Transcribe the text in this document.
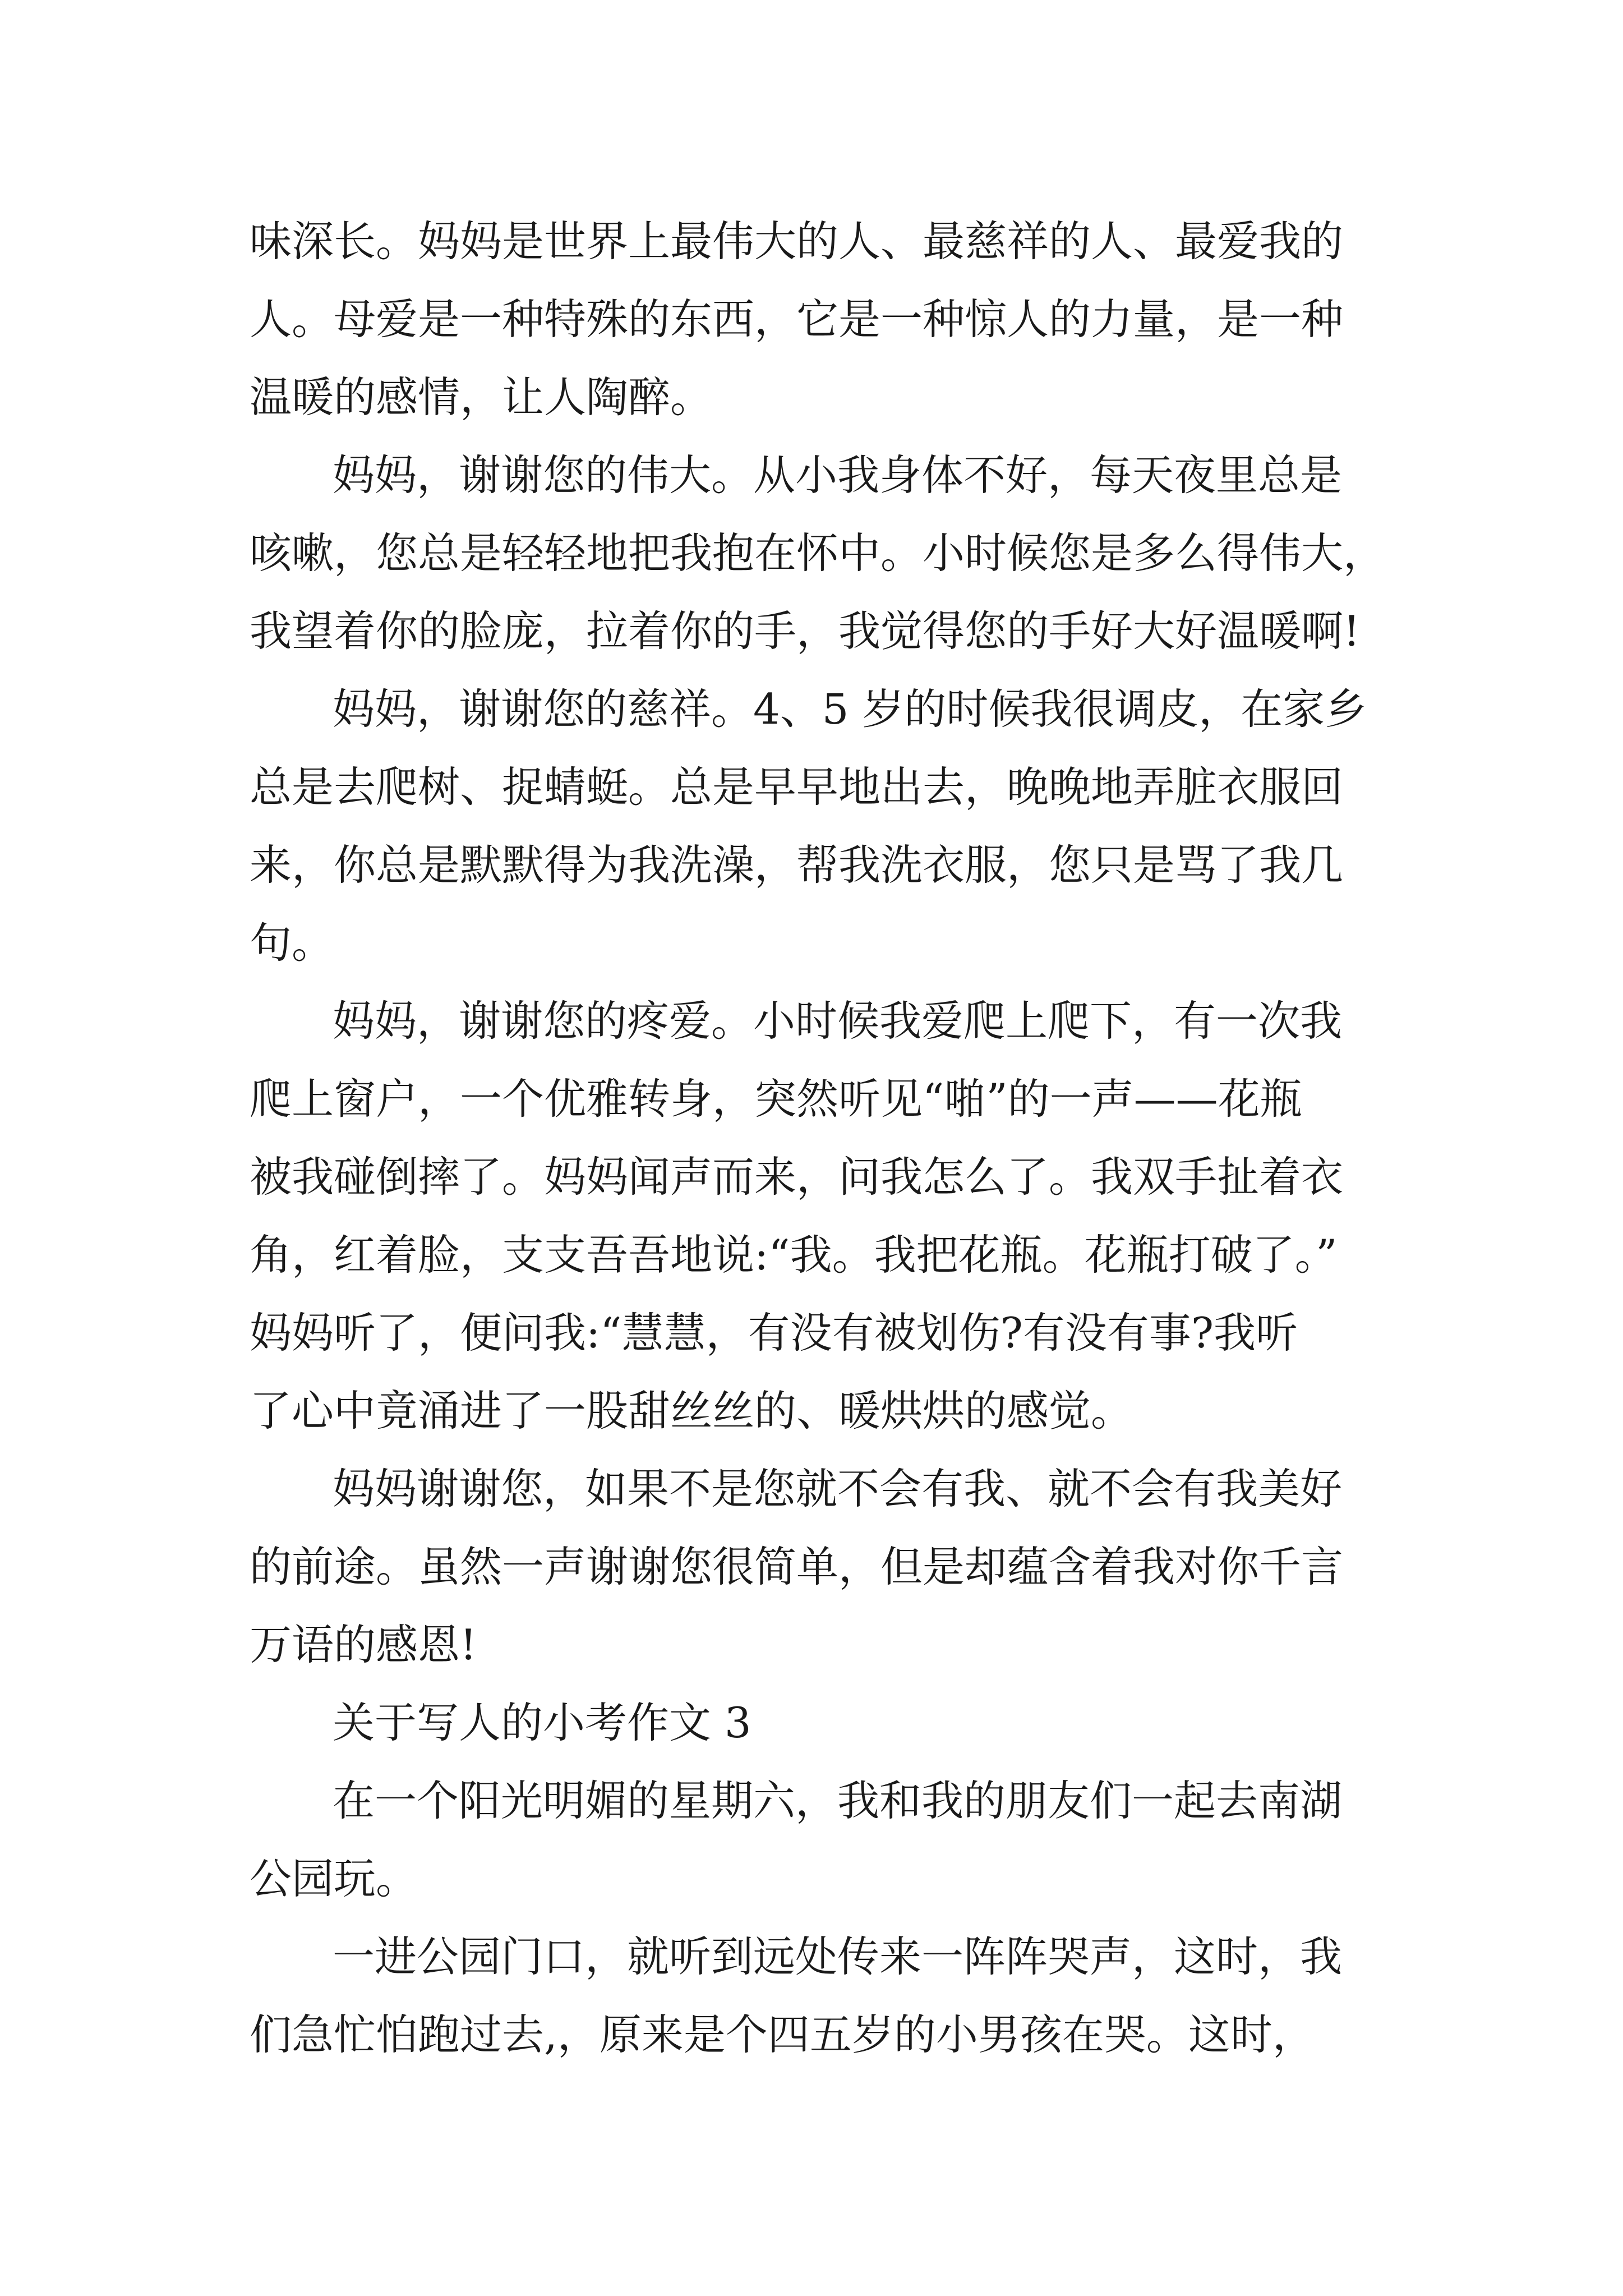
味深长。妈妈是世界上最伟大的人、最慈祥的人、最爱我的
人。母爱是一种特殊的东西，它是一种惊人的力量，是一种
温暖的感情，让人陶醉。
妈妈，谢谢您的伟大。从小我身体不好，每天夜里总是
咳嗽，您总是轻轻地把我抱在怀中。小时候您是多么得伟大，
我望着你的脸庞，拉着你的手，我觉得您的手好大好温暖啊!
妈妈，谢谢您的慈祥。4、5 岁的时候我很调皮，在家乡
总是去爬树、捉蜻蜓。总是早早地出去，晚晚地弄脏衣服回
来，你总是默默得为我洗澡，帮我洗衣服，您只是骂了我几
句。
妈妈，谢谢您的疼爱。小时候我爱爬上爬下，有一次我
爬上窗户，一个优雅转身，突然听见“啪”的一声——花瓶
被我碰倒摔了。妈妈闻声而来，问我怎么了。我双手扯着衣
角，红着脸，支支吾吾地说:“我。我把花瓶。花瓶打破了。”
妈妈听了，便问我:“慧慧，有没有被划伤?有没有事?我听
了心中竟涌进了一股甜丝丝的、暖烘烘的感觉。
妈妈谢谢您，如果不是您就不会有我、就不会有我美好
的前途。虽然一声谢谢您很简单，但是却蕴含着我对你千言
万语的感恩!
关于写人的小考作文 3
在一个阳光明媚的星期六，我和我的朋友们一起去南湖
公园玩。
一进公园门口，就听到远处传来一阵阵哭声，这时，我
们急忙怕跑过去,，原来是个四五岁的小男孩在哭。这时，
